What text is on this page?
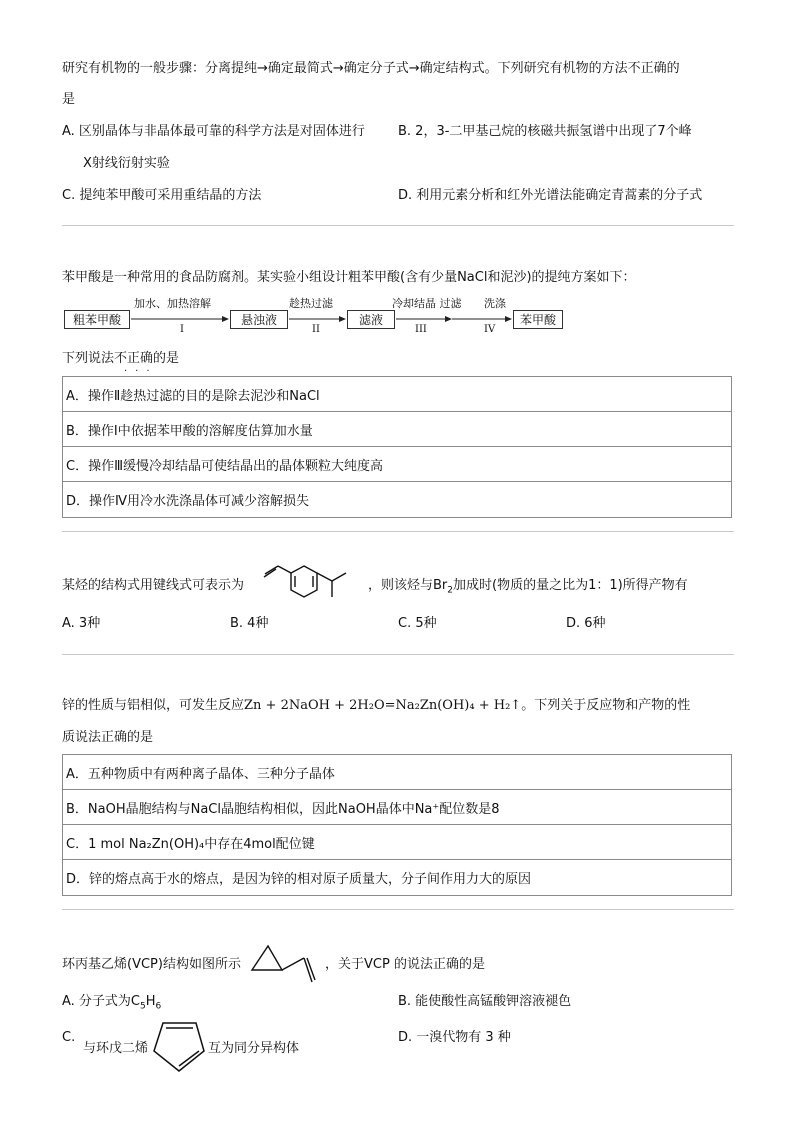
研究有机物的一般步骤：分离提纯→确定最简式→确定分子式→确定结构式。下列研究有机物的方法不正确的
是
A. 区别晶体与非晶体最可靠的科学方法是对固体进行
X射线衍射实验
B. 2，3-二甲基己烷的核磁共振氢谱中出现了7个峰
C. 提纯苯甲酸可采用重结晶的方法	D. 利用元素分析和红外光谱法能确定青蒿素的分子式
苯甲酸是一种常用的食品防腐剂。某实验小组设计粗苯甲酸(含有少量NaCl和泥沙)的提纯方案如下：
粗苯甲酸	悬浊液	滤液	苯甲酸
加水、加热溶解	趁热过滤	冷却结晶 过滤 洗涤
I	II	III	IV
下列说法不正确的是
···
A．操作Ⅱ趁热过滤的目的是除去泥沙和NaCl
B．操作Ⅰ中依据苯甲酸的溶解度估算加水量
C．操作Ⅲ缓慢冷却结晶可使结晶出的晶体颗粒大纯度高
D．操作Ⅳ用冷水洗涤晶体可减少溶解损失
某烃的结构式用键线式可表示为	，则该烃与$Br_2$加成时(物质的量之比为1：1)所得产物有
A. 3种	B. 4种	C. 5种	D. 6种
锌的性质与铝相似，可发生反应Zn + 2NaOH + 2H₂O=Na₂Zn(OH)₄ + H₂↑。下列关于反应物和产物的性
质说法正确的是
A．五种物质中有两种离子晶体、三种分子晶体
B．NaOH晶胞结构与NaCl晶胞结构相似，因此NaOH晶体中Na⁺配位数是8
C．1 mol Na₂Zn(OH)₄中存在4mol配位键
D．锌的熔点高于水的熔点，是因为锌的相对原子质量大，分子间作用力大的原因
环丙基乙烯(VCP)结构如图所示	，关于VCP 的说法正确的是
A. 分子式为$C_5H_6$	B. 能使酸性高锰酸钾溶液褪色
C.
与环戊二烯	互为同分异构体
D. 一溴代物有 3 种
